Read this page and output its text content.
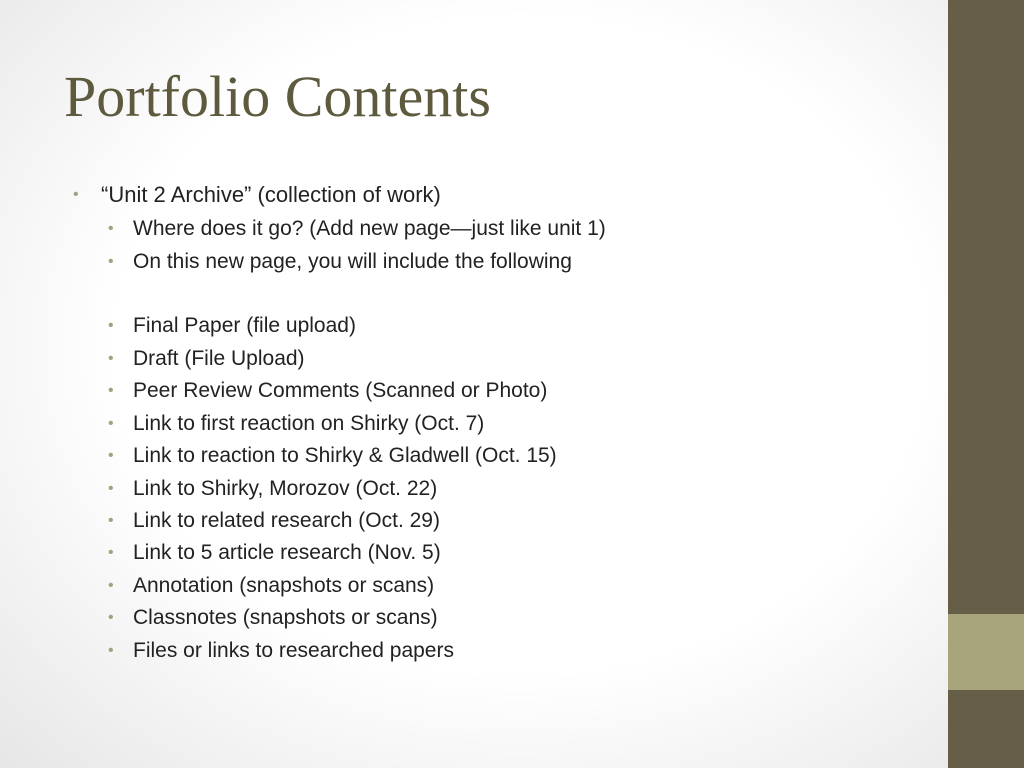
Portfolio Contents
• “Unit 2 Archive” (collection of work)
• Where does it go? (Add new page—just like unit 1)
• On this new page, you will include the following
• Final Paper (file upload)
• Draft (File Upload)
• Peer Review Comments (Scanned or Photo)
• Link to first reaction on Shirky (Oct. 7)
• Link to reaction to Shirky & Gladwell (Oct. 15)
• Link to Shirky, Morozov (Oct. 22)
• Link to related research (Oct. 29)
• Link to 5 article research (Nov. 5)
• Annotation (snapshots or scans)
• Classnotes (snapshots or scans)
• Files or links to researched papers
